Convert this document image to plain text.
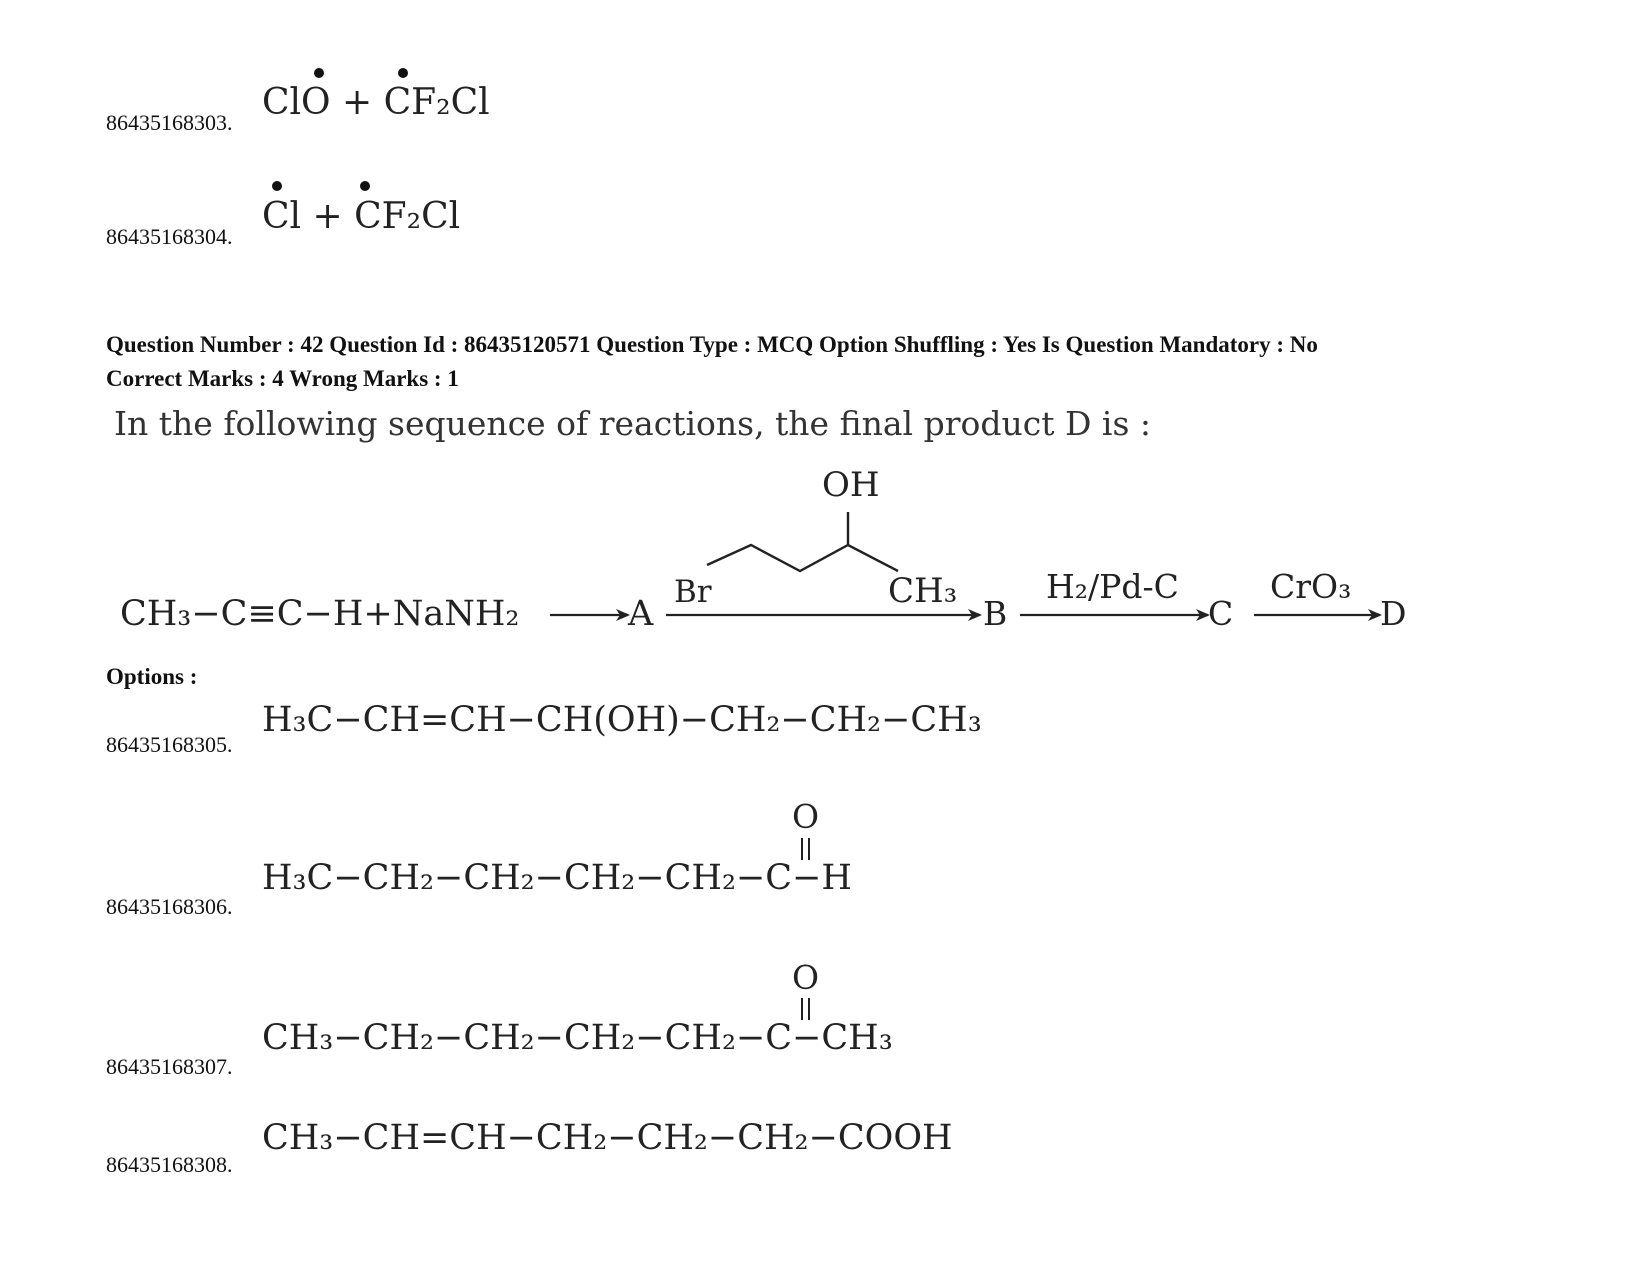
86435168303. ClO + CF₂Cl
86435168304. Cl + CF₂Cl
Question Number : 42 Question Id : 86435120571 Question Type : MCQ Option Shuffling : Yes Is Question Mandatory : No
Correct Marks : 4 Wrong Marks : 1
In the following sequence of reactions, the final product D is :
CH₃−C≡C−H+NaNH₂	A
OH
Br	CH₃
B
H₂/Pd-C
C
CrO₃
D
Options :
86435168305.
H₃C−CH=CH−CH(OH)−CH₂−CH₂−CH₃
86435168306.
O
H₃C−CH₂−CH₂−CH₂−CH₂−C−H
86435168307.
O
CH₃−CH₂−CH₂−CH₂−CH₂−C−CH₃
86435168308.
CH₃−CH=CH−CH₂−CH₂−CH₂−COOH
